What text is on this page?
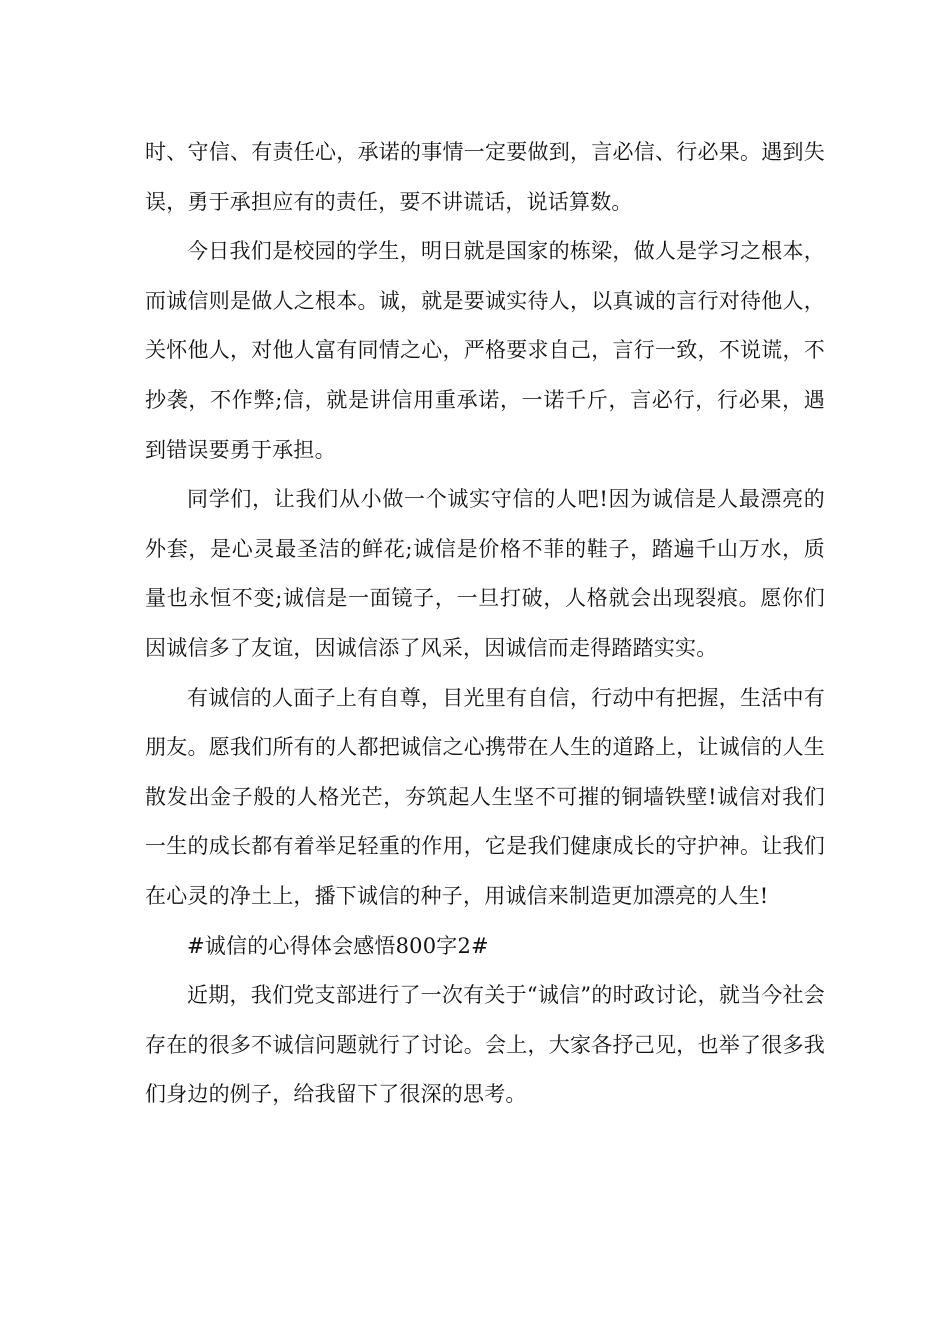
时、守信、有责任心，承诺的事情一定要做到，言必信、行必果。遇到失误，勇于承担应有的责任，要不讲谎话，说话算数。

今日我们是校园的学生，明日就是国家的栋梁，做人是学习之根本，而诚信则是做人之根本。诚，就是要诚实待人，以真诚的言行对待他人，关怀他人，对他人富有同情之心，严格要求自己，言行一致，不说谎，不抄袭，不作弊;信，就是讲信用重承诺，一诺千斤，言必行，行必果，遇到错误要勇于承担。

同学们，让我们从小做一个诚实守信的人吧!因为诚信是人最漂亮的外套，是心灵最圣洁的鲜花;诚信是价格不菲的鞋子，踏遍千山万水，质量也永恒不变;诚信是一面镜子，一旦打破，人格就会出现裂痕。愿你们因诚信多了友谊，因诚信添了风采，因诚信而走得踏踏实实。

有诚信的人面子上有自尊，目光里有自信，行动中有把握，生活中有朋友。愿我们所有的人都把诚信之心携带在人生的道路上，让诚信的人生散发出金子般的人格光芒，夯筑起人生坚不可摧的铜墙铁壁!诚信对我们一生的成长都有着举足轻重的作用，它是我们健康成长的守护神。让我们在心灵的净土上，播下诚信的种子，用诚信来制造更加漂亮的人生!

#诚信的心得体会感悟800字2#

近期，我们党支部进行了一次有关于“诚信”的时政讨论，就当今社会存在的很多不诚信问题就行了讨论。会上，大家各抒己见，也举了很多我们身边的例子，给我留下了很深的思考。
